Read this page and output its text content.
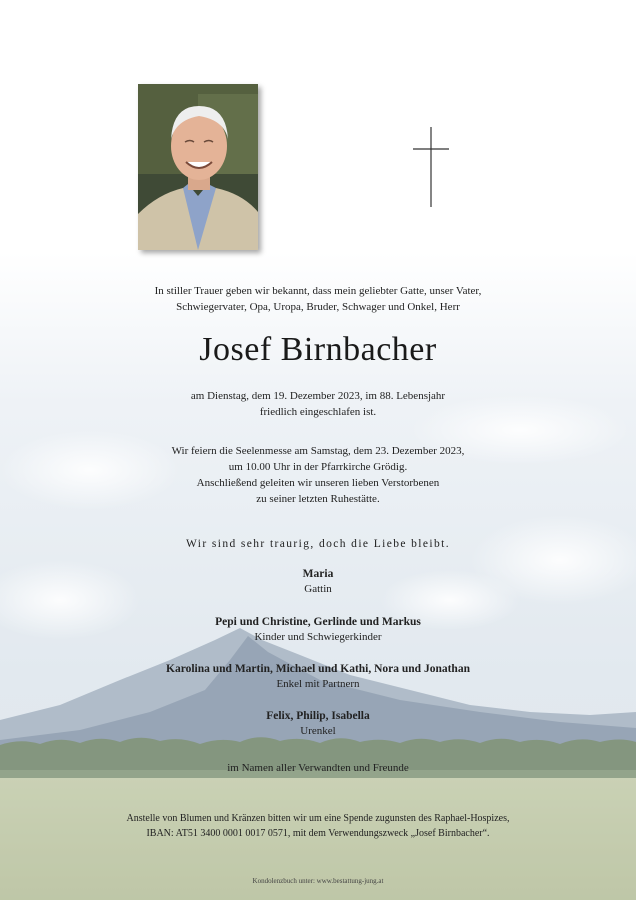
In stiller Trauer geben wir bekannt, dass mein geliebter Gatte, unser Vater,
Schwiegervater, Opa, Uropa, Bruder, Schwager und Onkel, Herr
Josef Birnbacher
am Dienstag, dem 19. Dezember 2023, im 88. Lebensjahr
friedlich eingeschlafen ist.
Wir feiern die Seelenmesse am Samstag, dem 23. Dezember 2023,
um 10.00 Uhr in der Pfarrkirche Grödig.
Anschließend geleiten wir unseren lieben Verstorbenen
zu seiner letzten Ruhestätte.
Wir sind sehr traurig, doch die Liebe bleibt.
Maria
Gattin
Pepi und Christine, Gerlinde und Markus
Kinder und Schwiegerkinder
Karolina und Martin, Michael und Kathi, Nora und Jonathan
Enkel mit Partnern
Felix, Philip, Isabella
Urenkel
im Namen aller Verwandten und Freunde
Anstelle von Blumen und Kränzen bitten wir um eine Spende zugunsten des Raphael-Hospizes,
IBAN: AT51 3400 0001 0017 0571, mit dem Verwendungszweck „Josef Birnbacher“.
Kondolenzbuch unter: www.bestattung-jung.at
